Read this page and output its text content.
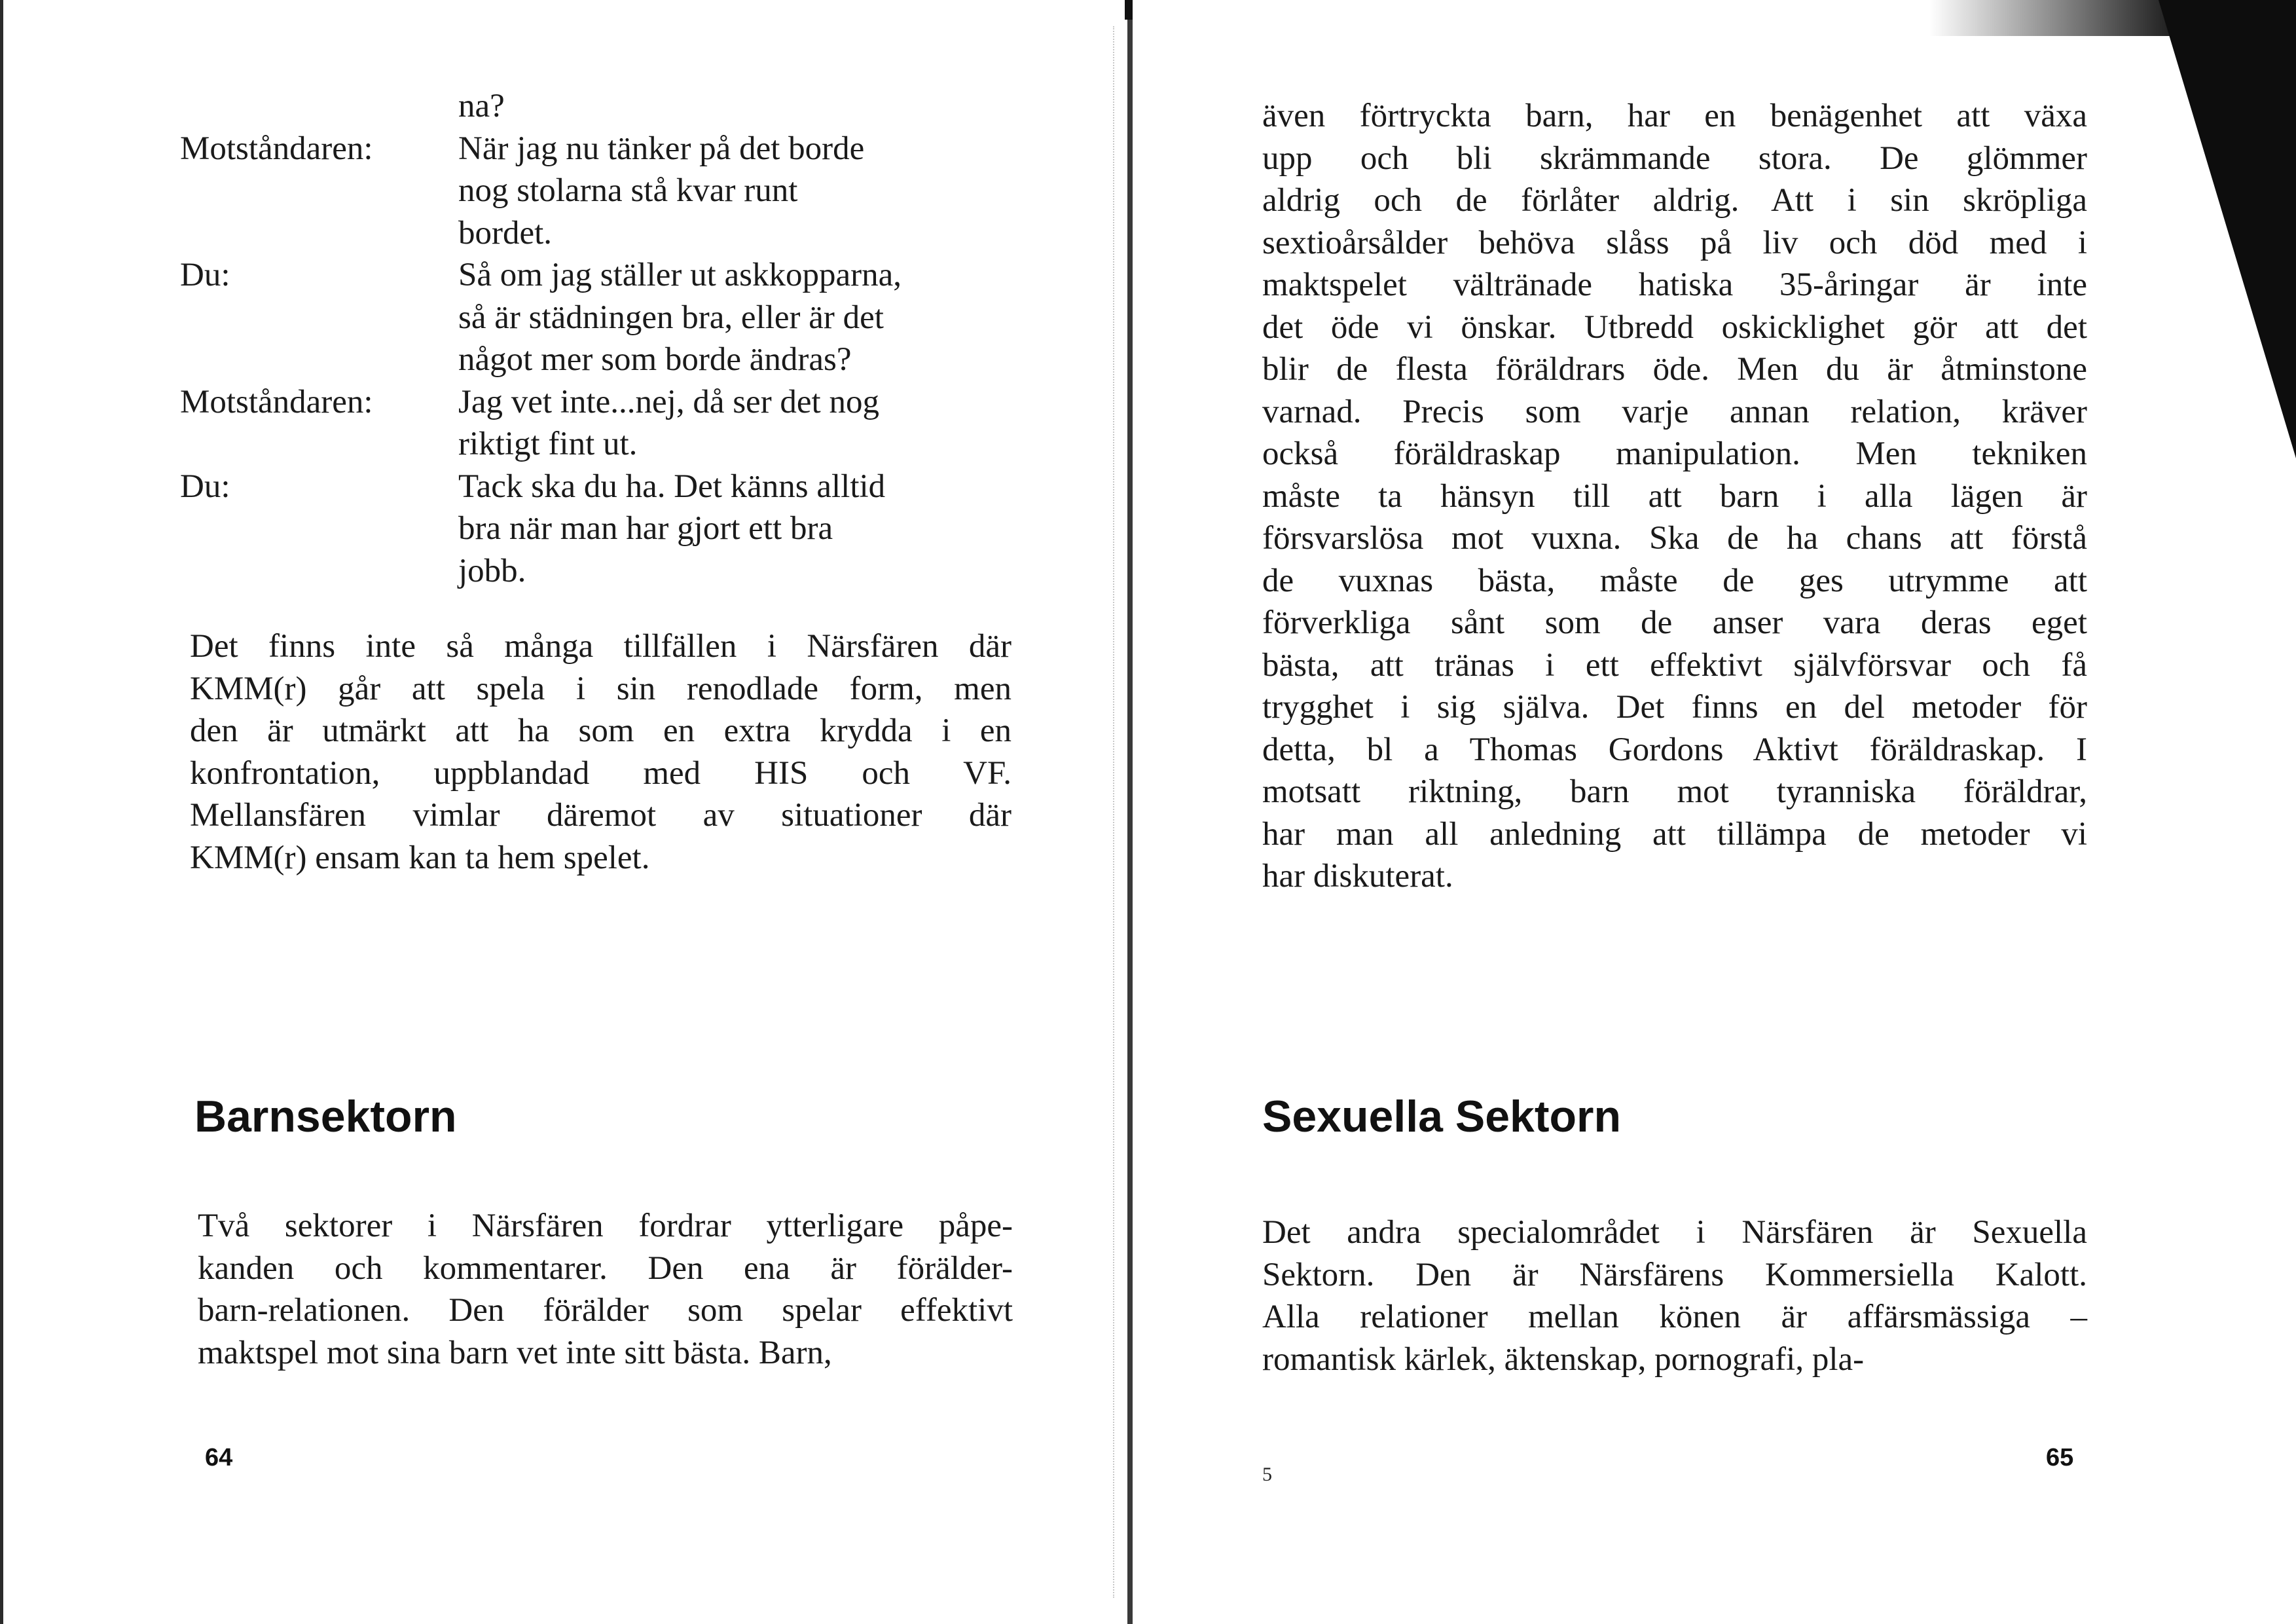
na?
Motståndaren:	När jag nu tänker på det borde
nog stolarna stå kvar runt
bordet.
Du:	Så om jag ställer ut askkopparna,
så är städningen bra, eller är det
något mer som borde ändras?
Motståndaren:	Jag vet inte...nej, då ser det nog
riktigt fint ut.
Du:	Tack ska du ha. Det känns alltid
bra när man har gjort ett bra
jobb.
Det finns inte så många tillfällen i Närsfären där
KMM(r) går att spela i sin renodlade form, men
den är utmärkt att ha som en extra krydda i en
konfrontation, uppblandad med HIS och VF.
Mellansfären vimlar däremot av situationer där
KMM(r) ensam kan ta hem spelet.
Barnsektorn
Två sektorer i Närsfären fordrar ytterligare påpe-
kanden och kommentarer. Den ena är förälder-
barn-relationen. Den förälder som spelar effektivt
maktspel mot sina barn vet inte sitt bästa. Barn,
64
även förtryckta barn, har en benägenhet att växa
upp och bli skrämmande stora. De glömmer
aldrig och de förlåter aldrig. Att i sin skröpliga
sextioårsålder behöva slåss på liv och död med i
maktspelet vältränade hatiska 35-åringar är inte
det öde vi önskar. Utbredd oskicklighet gör att det
blir de flesta föräldrars öde. Men du är åtminstone
varnad. Precis som varje annan relation, kräver
också föräldraskap manipulation. Men tekniken
måste ta hänsyn till att barn i alla lägen är
försvarslösa mot vuxna. Ska de ha chans att förstå
de vuxnas bästa, måste de ges utrymme att
förverkliga sånt som de anser vara deras eget
bästa, att tränas i ett effektivt självförsvar och få
trygghet i sig själva. Det finns en del metoder för
detta, bl a Thomas Gordons Aktivt föräldraskap. I
motsatt riktning, barn mot tyranniska föräldrar,
har man all anledning att tillämpa de metoder vi
har diskuterat.
Sexuella Sektorn
Det andra specialområdet i Närsfären är Sexuella
Sektorn. Den är Närsfärens Kommersiella Kalott.
Alla relationer mellan könen är affärsmässiga –
romantisk kärlek, äktenskap, pornografi, pla-
5
65
